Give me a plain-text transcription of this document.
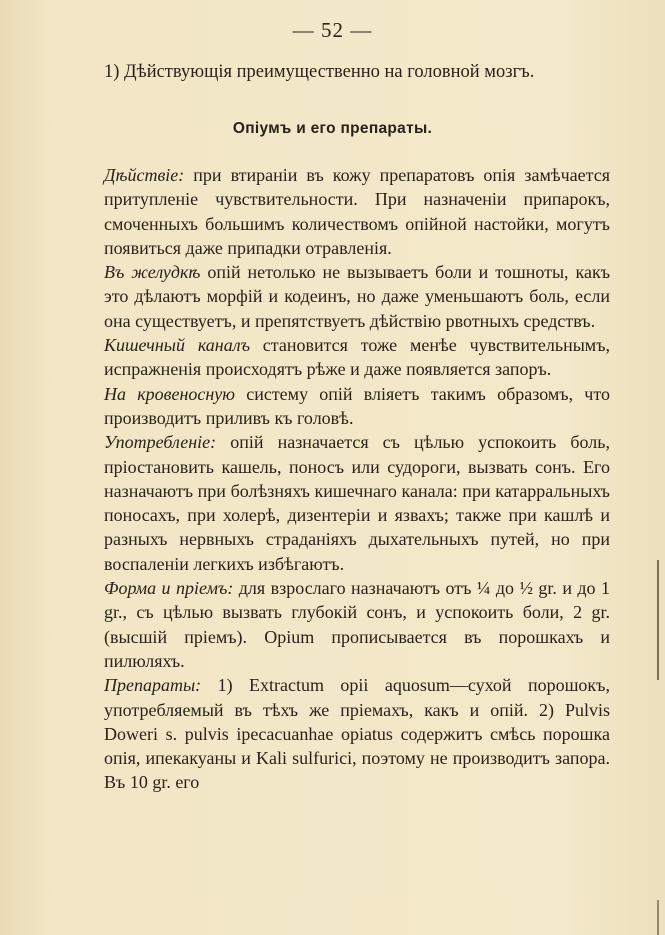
— 52 —
1) Дѣйствующія преимущественно на головной мозгъ.
Опiумъ и его препараты.

Дѣйствiе: при втираніи въ кожу препаратовъ опія замѣчается притупленіе чувствительности. При назначеніи припарокъ, смоченныхъ большимъ количествомъ опійной настойки, могутъ появиться даже припадки отравленія.

Въ желудкѣ опій нетолько не вызываетъ боли и тошноты, какъ это дѣлаютъ морфій и кодеинъ, но даже уменьшаютъ боль, если она существуетъ, и препятствуетъ дѣйствію рвотныхъ средствъ.

Кишечный каналъ становится тоже менѣе чувствительнымъ, испражненія происходятъ рѣже и даже появляется запоръ.

На кровеносную систему опій вліяетъ такимъ образомъ, что производитъ приливъ къ головѣ.

Употребленiе: опій назначается съ цѣлью успокоить боль, пріостановить кашель, поносъ или судороги, вызвать сонъ. Его назначаютъ при болѣзняхъ кишечнаго канала: при катарральныхъ поносахъ, при холерѣ, дизентеріи и язвахъ; также при кашлѣ и разныхъ нервныхъ страданіяхъ дыхательныхъ путей, но при воспаленіи легкихъ избѣгаютъ.

Форма и прiемъ: для взрослаго назначаютъ отъ ¼ до ½ gr. и до 1 gr., съ цѣлью вызвать глубокій сонъ, и успокоить боли, 2 gr. (высшій пріемъ). Opium прописывается въ порошкахъ и пилюляхъ.

Препараты: 1) Extractum opii aquosum—сухой порошокъ, употребляемый въ тѣхъ же пріемахъ, какъ и опій. 2) Pulvis Doweri s. pulvis ipecacuanhae opiatus содержитъ смѣсь порошка опія, ипекакуаны и Kali sulfurici, поэтому не производитъ запора. Въ 10 gr. его
